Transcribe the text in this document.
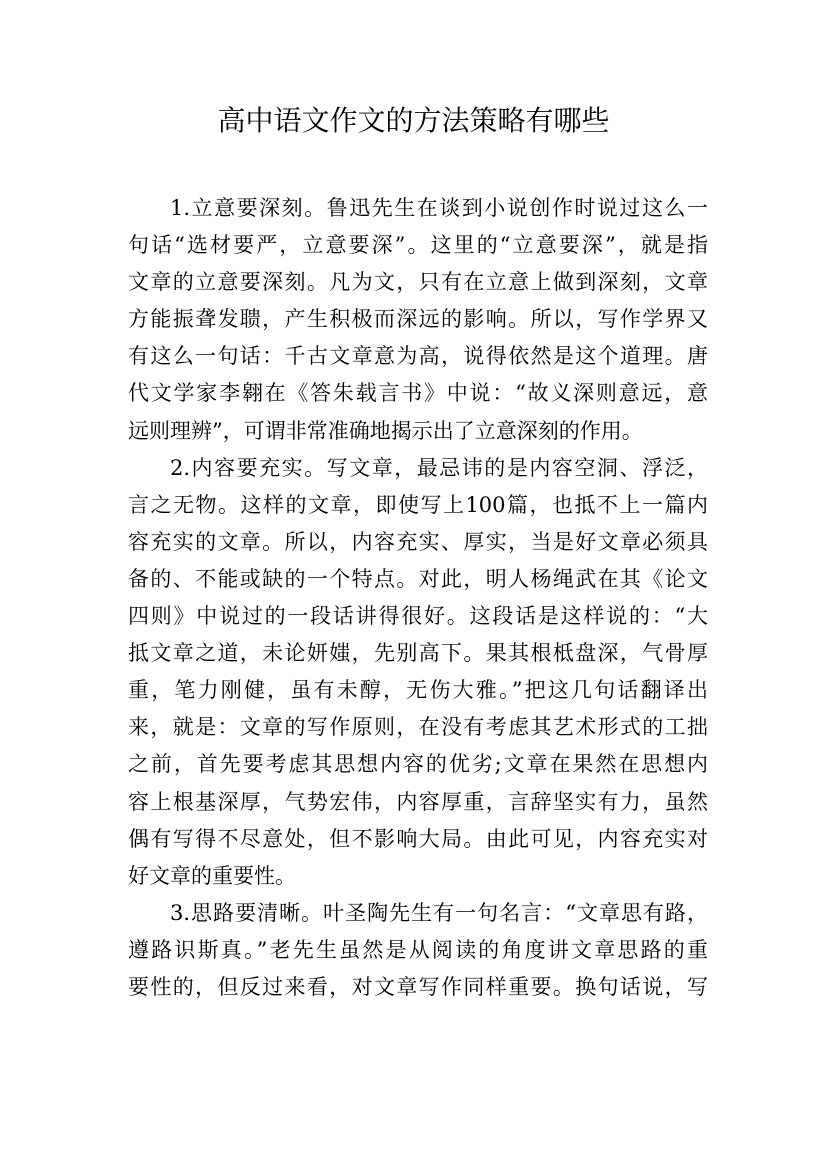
高中语文作文的方法策略有哪些
1.立意要深刻。鲁迅先生在谈到小说创作时说过这么一
句话“选材要严，立意要深”。这里的“立意要深”，就是指
文章的立意要深刻。凡为文，只有在立意上做到深刻，文章
方能振聋发聩，产生积极而深远的影响。所以，写作学界又
有这么一句话：千古文章意为高，说得依然是这个道理。唐
代文学家李翱在《答朱载言书》中说：“故义深则意远，意
远则理辨”，可谓非常准确地揭示出了立意深刻的作用。
2.内容要充实。写文章，最忌讳的是内容空洞、浮泛，
言之无物。这样的文章，即使写上100篇，也抵不上一篇内
容充实的文章。所以，内容充实、厚实，当是好文章必须具
备的、不能或缺的一个特点。对此，明人杨绳武在其《论文
四则》中说过的一段话讲得很好。这段话是这样说的：“大
抵文章之道，未论妍媸，先别高下。果其根柢盘深，气骨厚
重，笔力刚健，虽有未醇，无伤大雅。”把这几句话翻译出
来，就是：文章的写作原则，在没有考虑其艺术形式的工拙
之前，首先要考虑其思想内容的优劣;文章在果然在思想内
容上根基深厚，气势宏伟，内容厚重，言辞坚实有力，虽然
偶有写得不尽意处，但不影响大局。由此可见，内容充实对
好文章的重要性。
3.思路要清晰。叶圣陶先生有一句名言：“文章思有路，
遵路识斯真。”老先生虽然是从阅读的角度讲文章思路的重
要性的，但反过来看，对文章写作同样重要。换句话说，写
